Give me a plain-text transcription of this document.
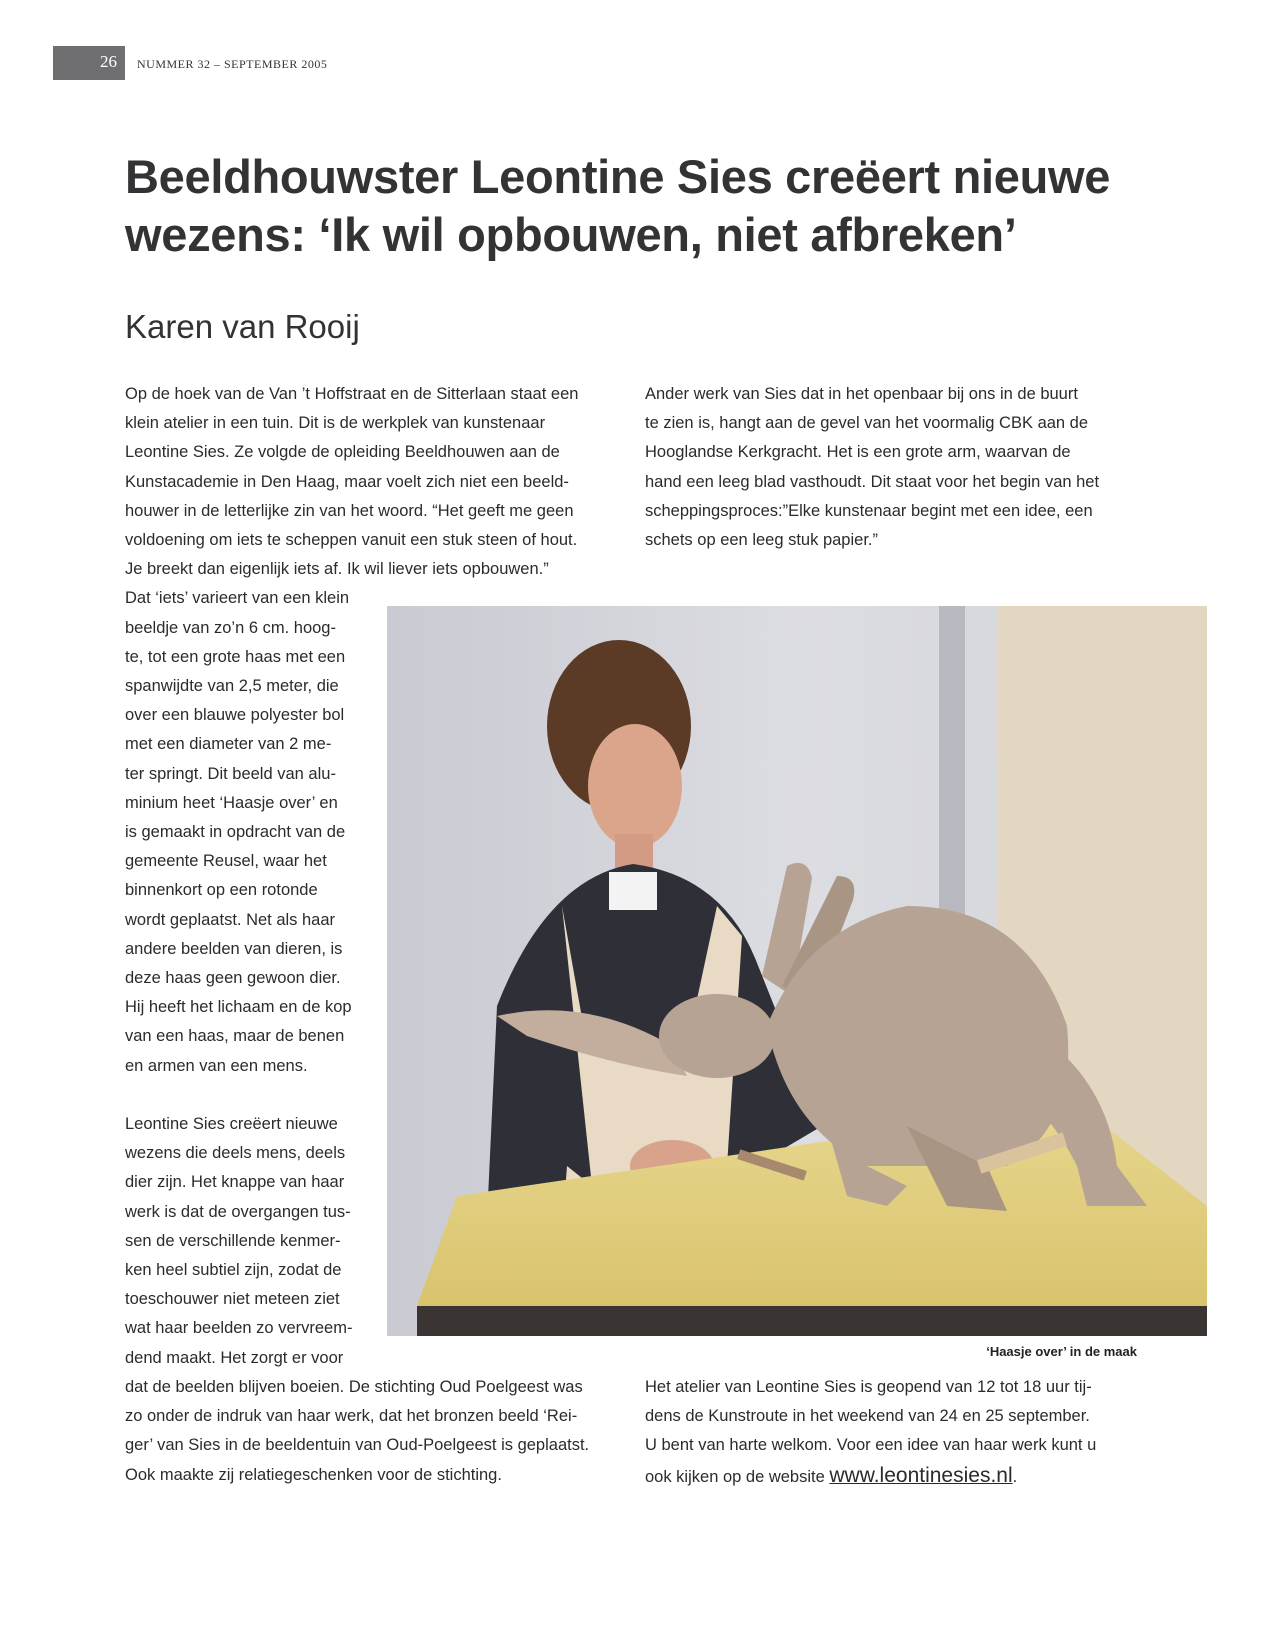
26	NUMMER 32 – SEPTEMBER 2005
Beeldhouwster Leontine Sies creëert nieuwe
wezens: ‘Ik wil opbouwen, niet afbreken’
Karen van Rooij

Op de hoek van de Van ’t Hoffstraat en de Sitterlaan staat een
klein atelier in een tuin. Dit is de werkplek van kunstenaar
Leontine Sies. Ze volgde de opleiding Beeldhouwen aan de
Kunstacademie in Den Haag, maar voelt zich niet een beeld-
houwer in de letterlijke zin van het woord. “Het geeft me geen
voldoening om iets te scheppen vanuit een stuk steen of hout.
Je breekt dan eigenlijk iets af. Ik wil liever iets opbouwen.”
Dat ‘iets’ varieert van een klein
beeldje van zo’n 6 cm. hoog-
te, tot een grote haas met een
spanwijdte van 2,5 meter, die
over een blauwe polyester bol
met een diameter van 2 me-
ter springt. Dit beeld van alu-
minium heet ‘Haasje over’ en
is gemaakt in opdracht van de
gemeente Reusel, waar het
binnenkort op een rotonde
wordt geplaatst. Net als haar
andere beelden van dieren, is
deze haas geen gewoon dier.
Hij heeft het lichaam en de kop
van een haas, maar de benen
en armen van een mens.

Leontine Sies creëert nieuwe
wezens die deels mens, deels
dier zijn. Het knappe van haar
werk is dat de overgangen tus-
sen de verschillende kenmer-
ken heel subtiel zijn, zodat de
toeschouwer niet meteen ziet
wat haar beelden zo vervreem-
dend maakt. Het zorgt er voor

dat de beelden blijven boeien. De stichting Oud Poelgeest was
zo onder de indruk van haar werk, dat het bronzen beeld ‘Rei-
ger’ van Sies in de beeldentuin van Oud-Poelgeest is geplaatst.
Ook maakte zij relatiegeschenken voor de stichting.

Ander werk van Sies dat in het openbaar bij ons in de buurt
te zien is, hangt aan de gevel van het voormalig CBK aan de
Hooglandse Kerkgracht. Het is een grote arm, waarvan de
hand een leeg blad vasthoudt. Dit staat voor het begin van het
scheppingsproces:”Elke kunstenaar begint met een idee, een
schets op een leeg stuk papier.”

Het atelier van Leontine Sies is geopend van 12 tot 18 uur tij-
dens de Kunstroute in het weekend van 24 en 25 september.
U bent van harte welkom. Voor een idee van haar werk kunt u
ook kijken op de website www.leontinesies.nl.

‘Haasje over’ in de maak
